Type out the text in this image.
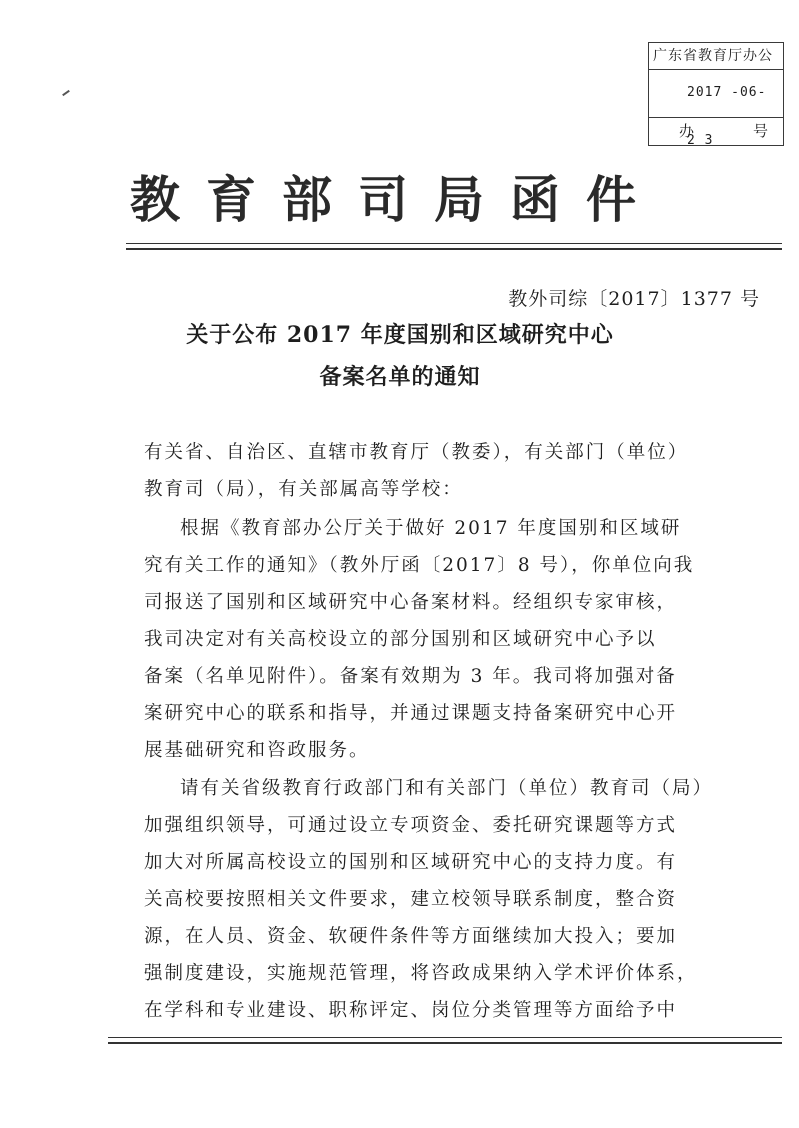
广东省教育厅办公
2017 -06- 2 3
办	号
教育部司局函件
教外司综〔2017〕1377 号
关于公布 2017 年度国别和区域研究中心
备案名单的通知
有关省、自治区、直辖市教育厅（教委），有关部门（单位）
教育司（局），有关部属高等学校：
根据《教育部办公厅关于做好 2017 年度国别和区域研
究有关工作的通知》（教外厅函〔2017〕8 号），你单位向我
司报送了国别和区域研究中心备案材料。经组织专家审核，
我司决定对有关高校设立的部分国别和区域研究中心予以
备案（名单见附件）。备案有效期为 3 年。我司将加强对备
案研究中心的联系和指导，并通过课题支持备案研究中心开
展基础研究和咨政服务。
请有关省级教育行政部门和有关部门（单位）教育司（局）
加强组织领导，可通过设立专项资金、委托研究课题等方式
加大对所属高校设立的国别和区域研究中心的支持力度。有
关高校要按照相关文件要求，建立校领导联系制度，整合资
源，在人员、资金、软硬件条件等方面继续加大投入；要加
强制度建设，实施规范管理，将咨政成果纳入学术评价体系，
在学科和专业建设、职称评定、岗位分类管理等方面给予中
